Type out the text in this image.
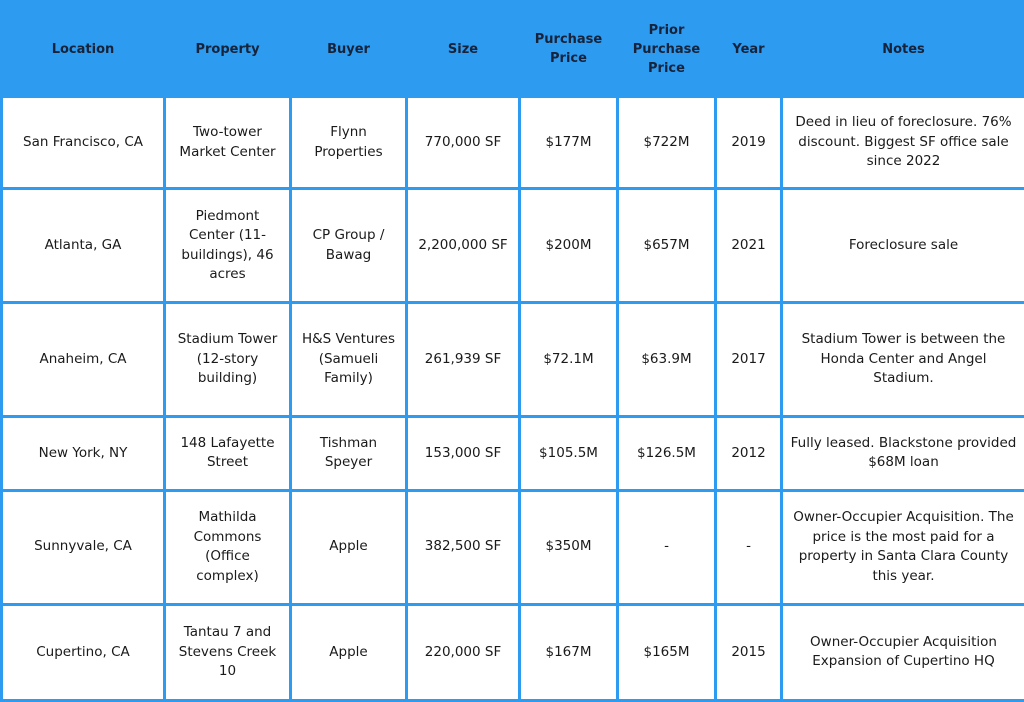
Location	Property	Buyer	Size	Purchase Price	Prior Purchase Price	Year	Notes
San Francisco, CA	Two-tower Market Center	Flynn Properties	770,000 SF	$177M	$722M	2019	Deed in lieu of foreclosure. 76% discount. Biggest SF office sale since 2022
Atlanta, GA	Piedmont Center (11-buildings), 46 acres	CP Group / Bawag	2,200,000 SF	$200M	$657M	2021	Foreclosure sale
Anaheim, CA	Stadium Tower (12-story building)	H&S Ventures (Samueli Family)	261,939 SF	$72.1M	$63.9M	2017	Stadium Tower is between the Honda Center and Angel Stadium.
New York, NY	148 Lafayette Street	Tishman Speyer	153,000 SF	$105.5M	$126.5M	2012	Fully leased. Blackstone provided $68M loan
Sunnyvale, CA	Mathilda Commons (Office complex)	Apple	382,500 SF	$350M	-	-	Owner-Occupier Acquisition. The price is the most paid for a property in Santa Clara County this year.
Cupertino, CA	Tantau 7 and Stevens Creek 10	Apple	220,000 SF	$167M	$165M	2015	Owner-Occupier Acquisition Expansion of Cupertino HQ
